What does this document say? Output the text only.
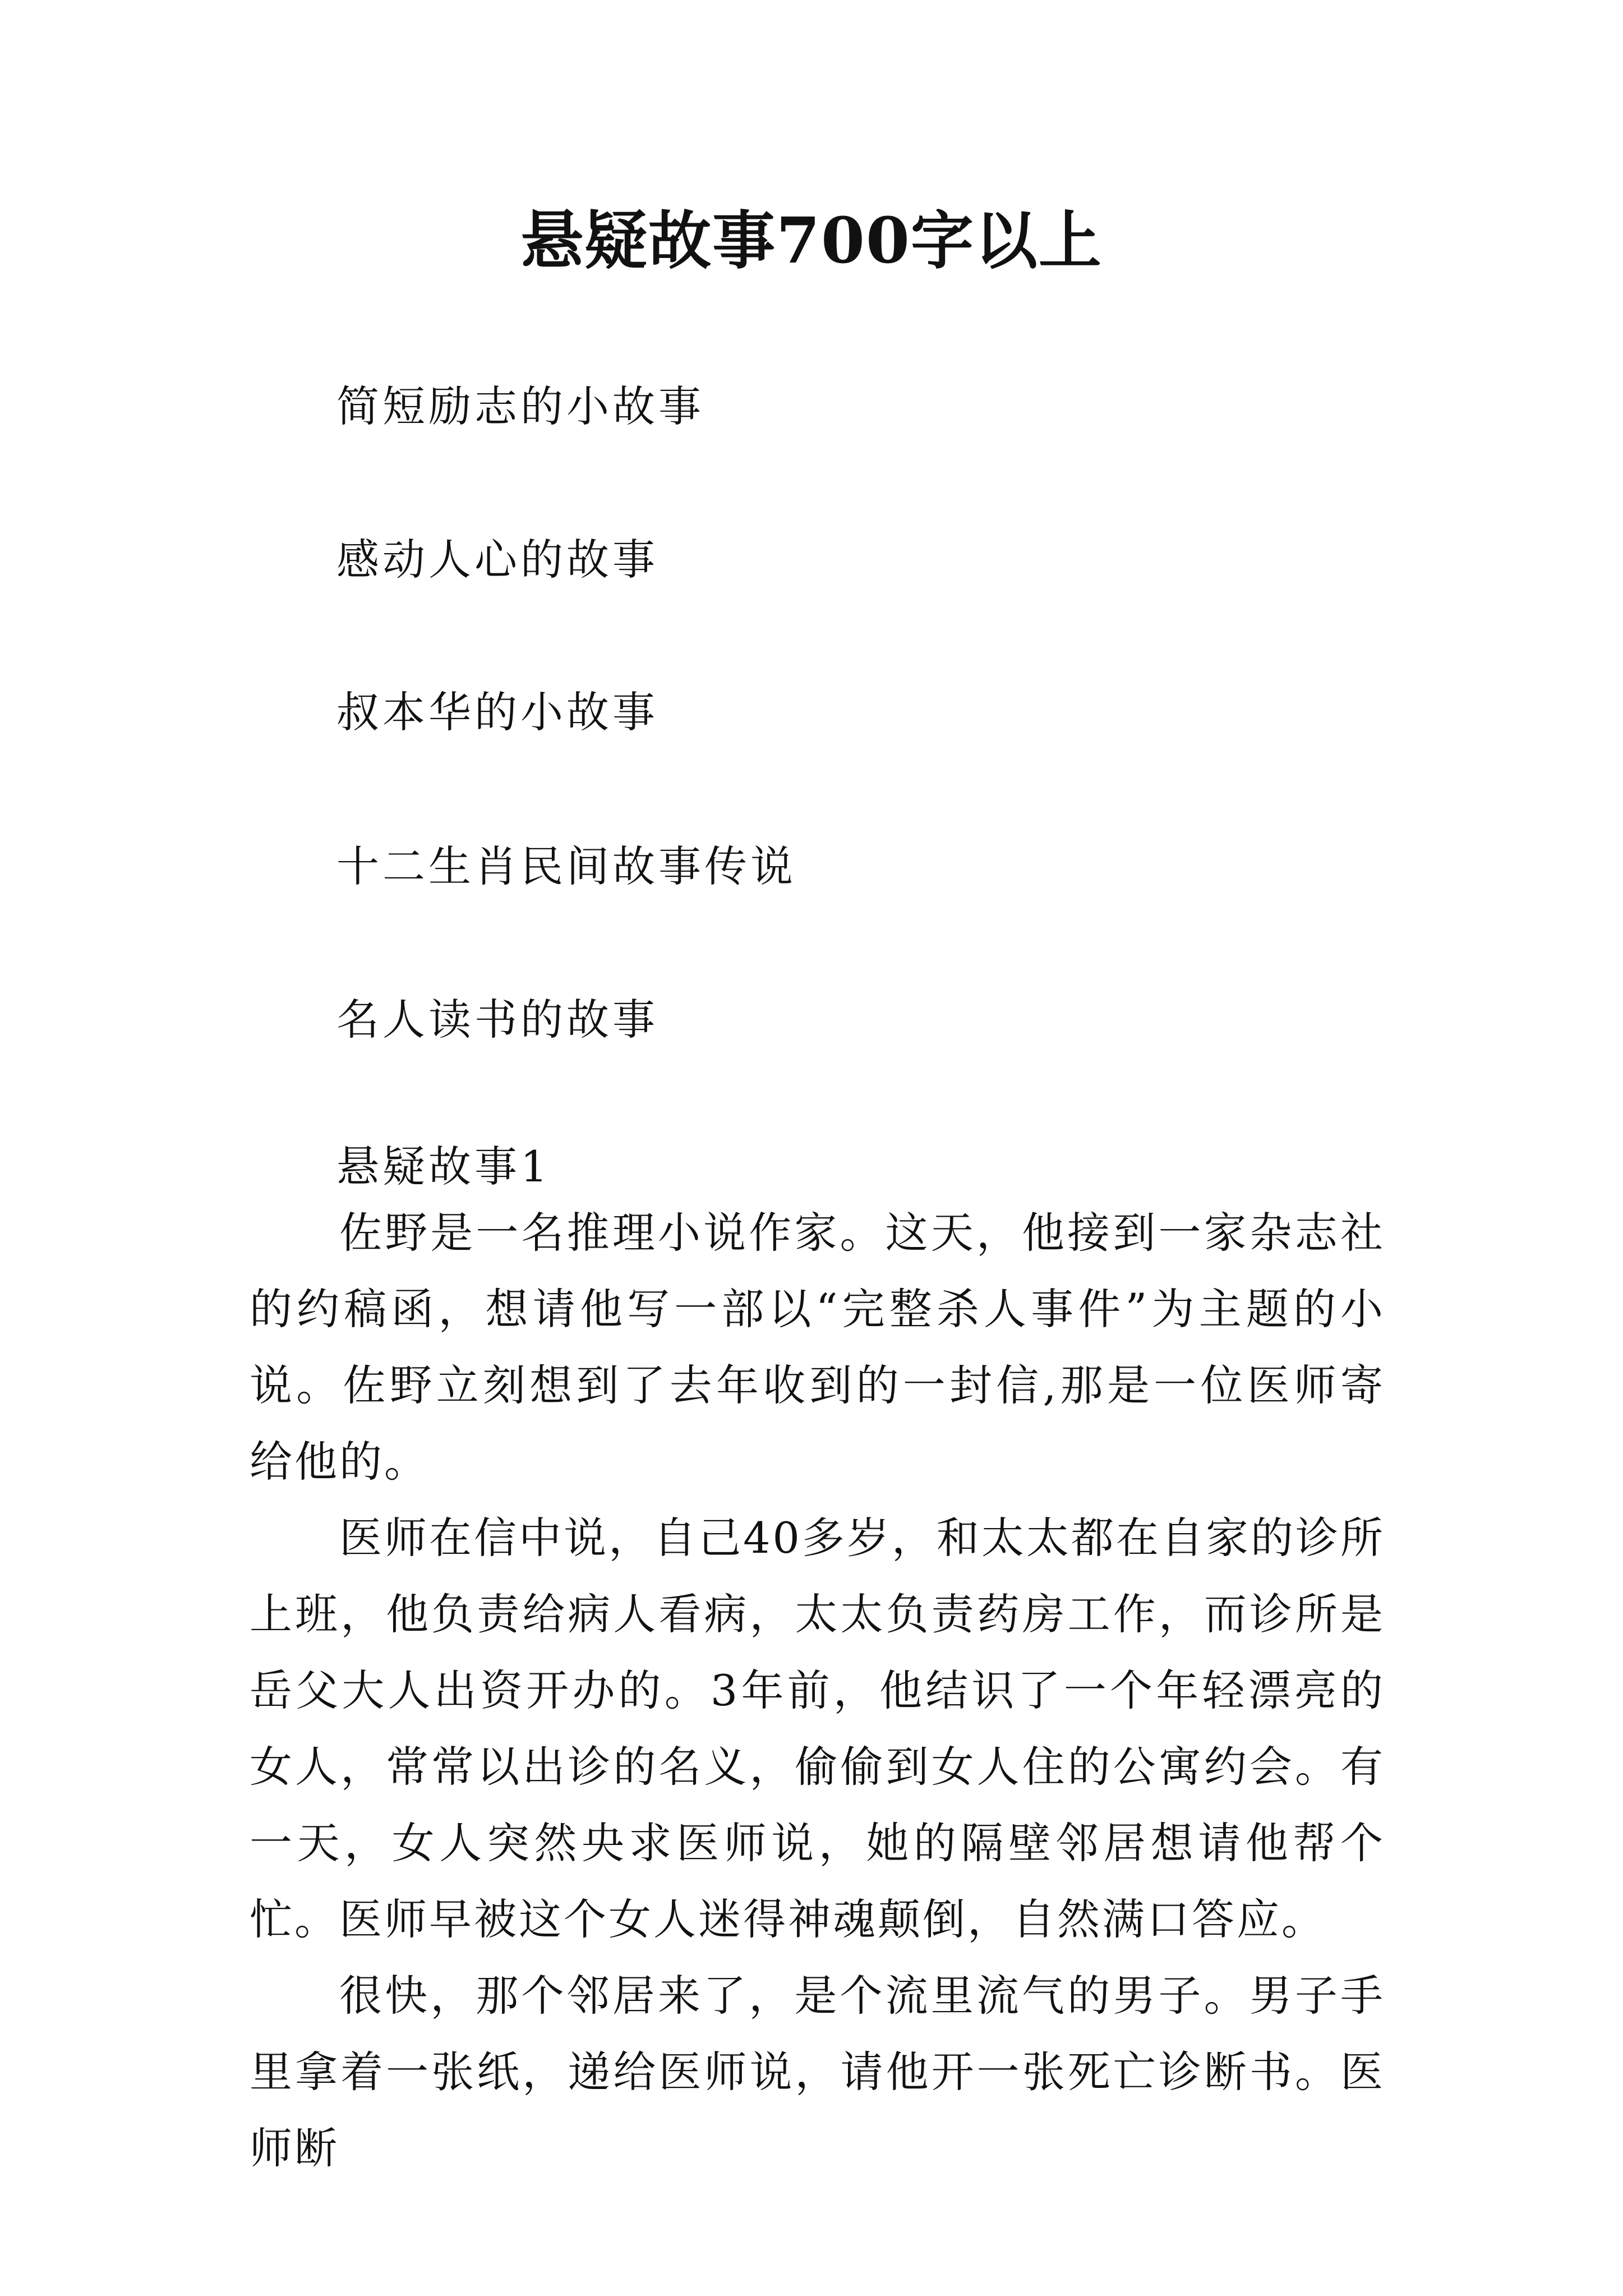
悬疑故事700字以上
简短励志的小故事
感动人心的故事
叔本华的小故事
十二生肖民间故事传说
名人读书的故事
悬疑故事1

佐野是一名推理小说作家。这天，他接到一家杂志社的约稿函，想请他写一部以“完整杀人事件”为主题的小说。佐野立刻想到了去年收到的一封信,那是一位医师寄给他的。

医师在信中说，自己40多岁，和太太都在自家的诊所上班，他负责给病人看病，太太负责药房工作，而诊所是岳父大人出资开办的。3年前，他结识了一个年轻漂亮的女人，常常以出诊的名义，偷偷到女人住的公寓约会。有一天，女人突然央求医师说，她的隔壁邻居想请他帮个忙。医师早被这个女人迷得神魂颠倒，自然满口答应。

很快，那个邻居来了，是个流里流气的男子。男子手里拿着一张纸，递给医师说，请他开一张死亡诊断书。医师断
